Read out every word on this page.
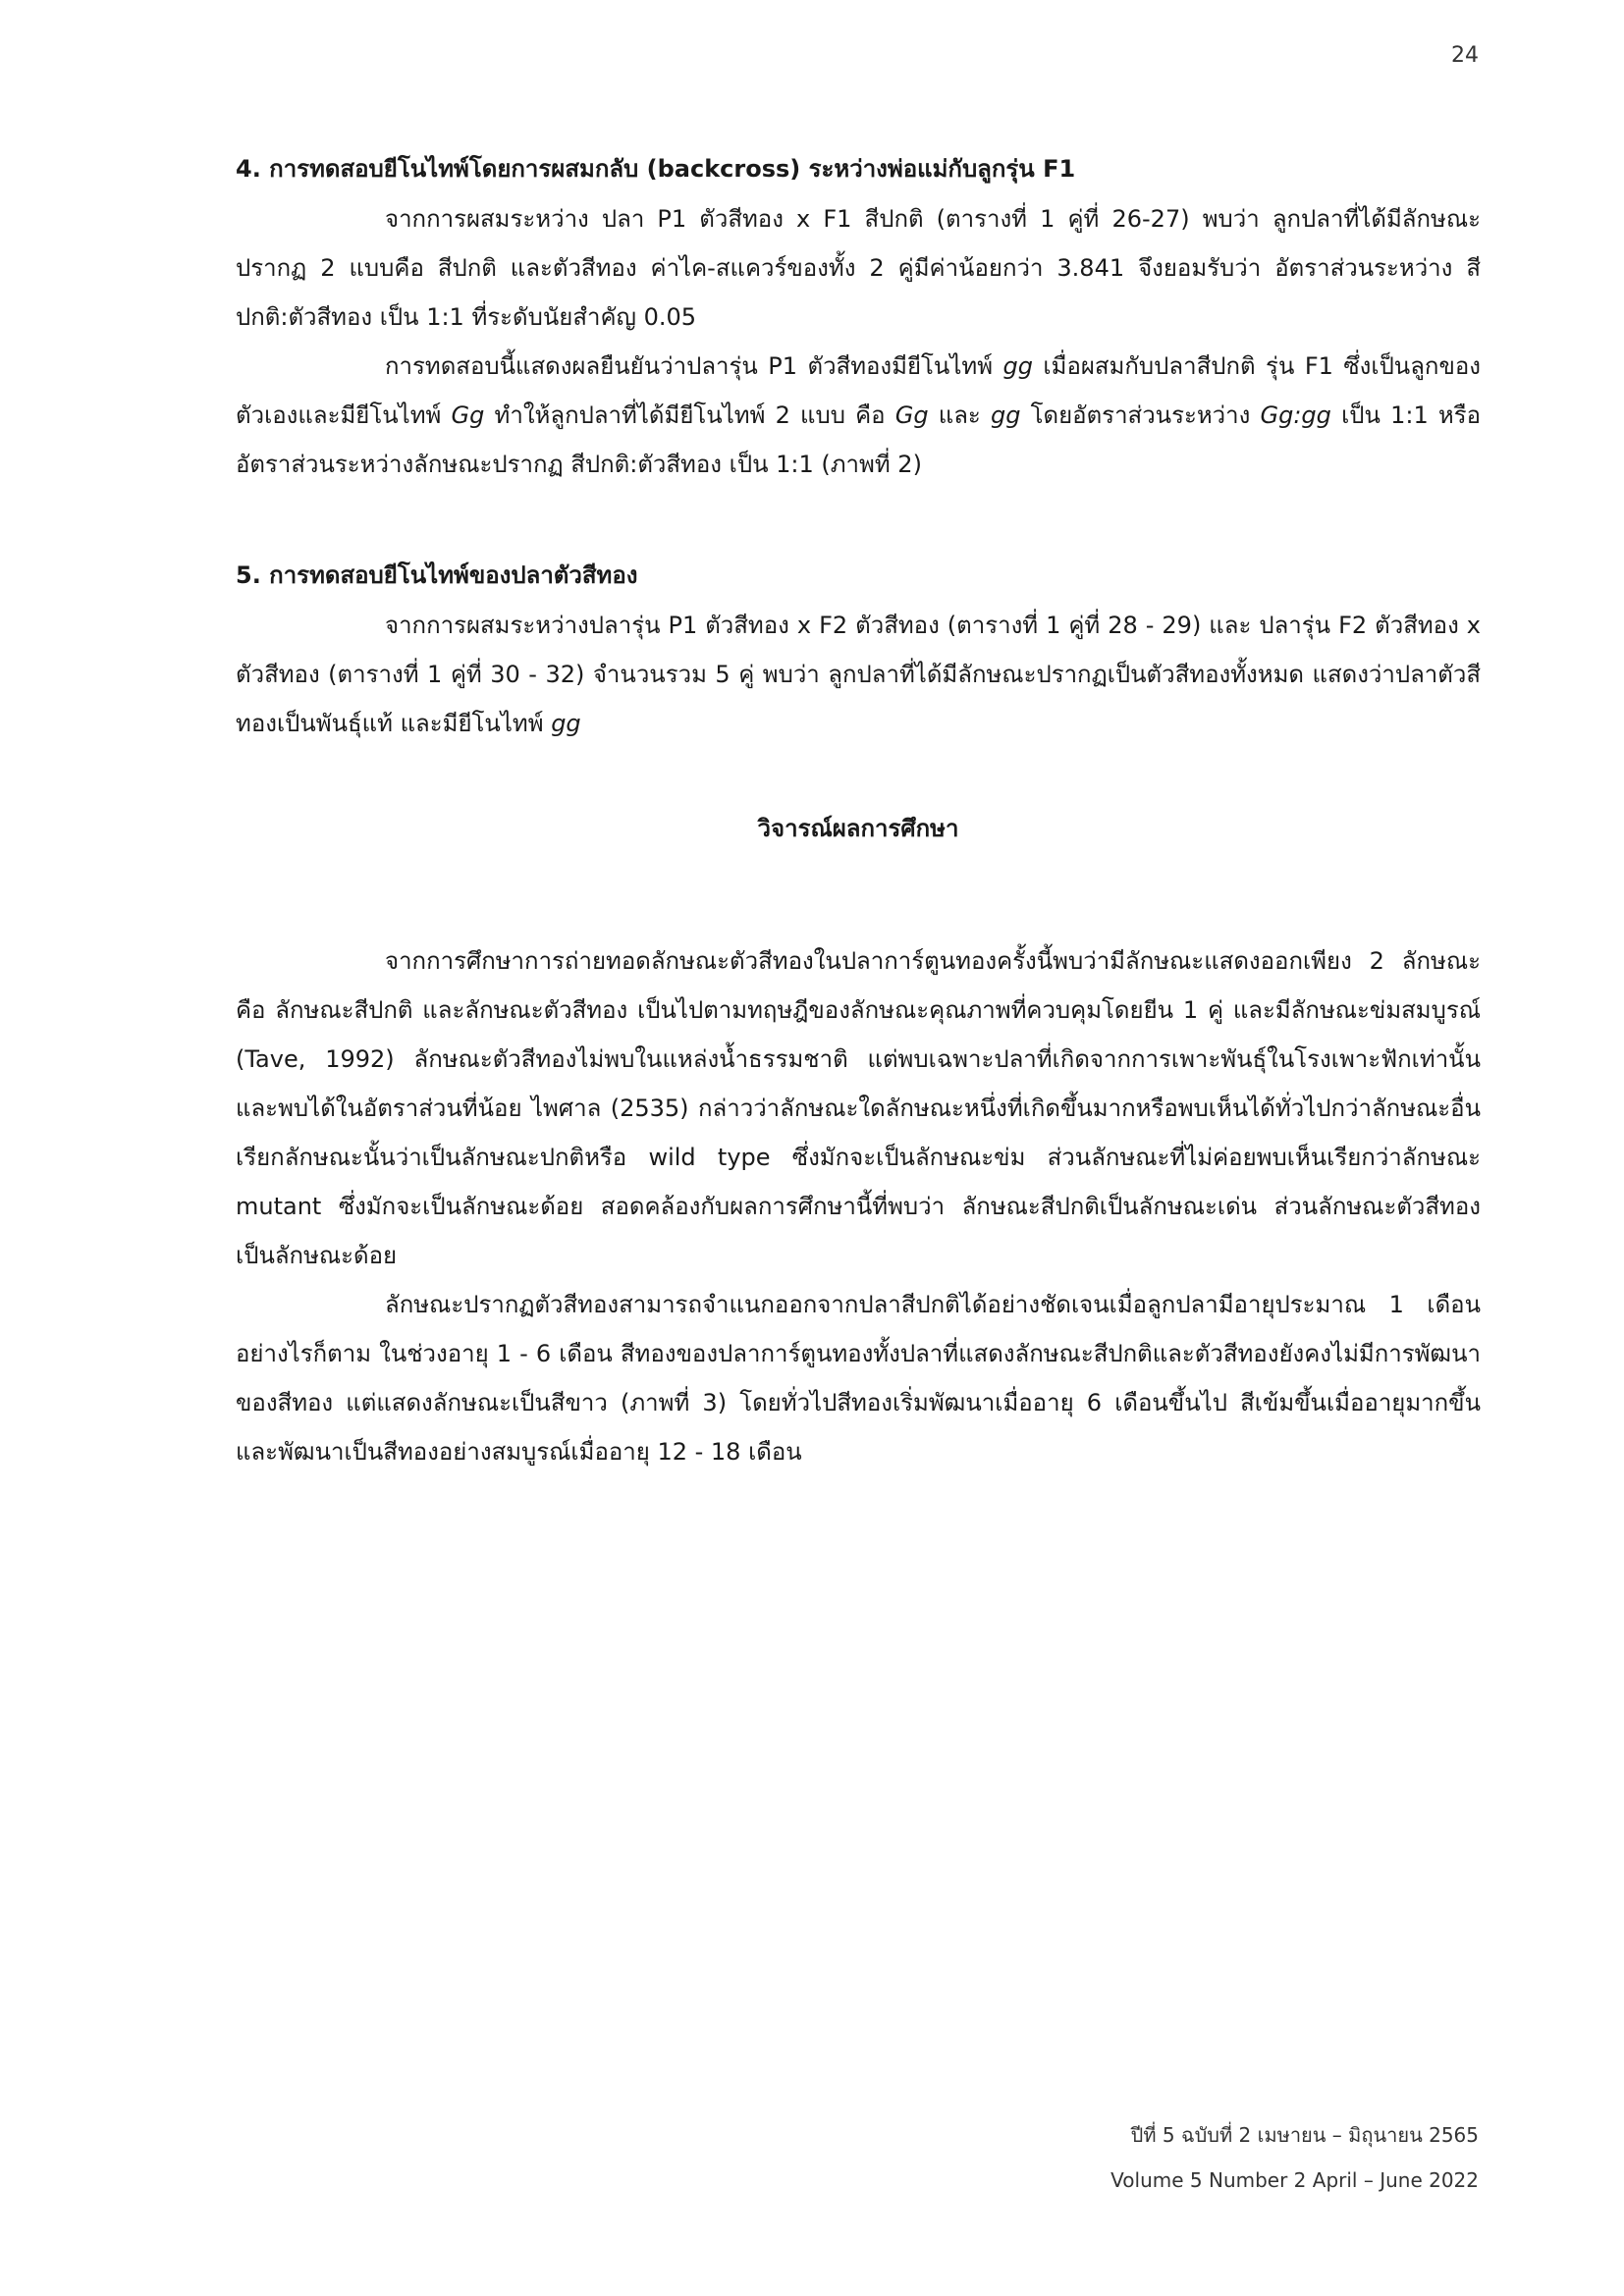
24
4. การทดสอบยีโนไทพ์โดยการผสมกลับ (backcross) ระหว่างพ่อแม่กับลูกรุ่น F1

จากการผสมระหว่าง ปลา P1 ตัวสีทอง x F1 สีปกติ (ตารางที่ 1 คู่ที่ 26-27) พบว่า ลูกปลาที่ได้มีลักษณะปรากฏ 2 แบบคือ สีปกติ และตัวสีทอง ค่าไค-สแควร์ของทั้ง 2 คู่มีค่าน้อยกว่า 3.841 จึงยอมรับว่า อัตราส่วนระหว่าง สีปกติ:ตัวสีทอง เป็น 1:1 ที่ระดับนัยสำคัญ 0.05

การทดสอบนี้แสดงผลยืนยันว่าปลารุ่น P1 ตัวสีทองมียีโนไทพ์ gg เมื่อผสมกับปลาสีปกติ รุ่น F1 ซึ่งเป็นลูกของตัวเองและมียีโนไทพ์ Gg ทำให้ลูกปลาที่ได้มียีโนไทพ์ 2 แบบ คือ Gg และ gg โดยอัตราส่วนระหว่าง Gg:gg เป็น 1:1 หรือ อัตราส่วนระหว่างลักษณะปรากฏ สีปกติ:ตัวสีทอง เป็น 1:1 (ภาพที่ 2)

5. การทดสอบยีโนไทพ์ของปลาตัวสีทอง

จากการผสมระหว่างปลารุ่น P1 ตัวสีทอง x F2 ตัวสีทอง (ตารางที่ 1 คู่ที่ 28 - 29) และ ปลารุ่น F2 ตัวสีทอง x ตัวสีทอง (ตารางที่ 1 คู่ที่ 30 - 32) จำนวนรวม 5 คู่ พบว่า ลูกปลาที่ได้มีลักษณะปรากฏเป็นตัวสีทองทั้งหมด แสดงว่าปลาตัวสีทองเป็นพันธุ์แท้ และมียีโนไทพ์ gg

วิจารณ์ผลการศึกษา

จากการศึกษาการถ่ายทอดลักษณะตัวสีทองในปลาการ์ตูนทองครั้งนี้พบว่ามีลักษณะแสดงออกเพียง 2 ลักษณะคือ ลักษณะสีปกติ และลักษณะตัวสีทอง เป็นไปตามทฤษฎีของลักษณะคุณภาพที่ควบคุมโดยยีน 1 คู่ และมีลักษณะข่มสมบูรณ์ (Tave, 1992) ลักษณะตัวสีทองไม่พบในแหล่งน้ำธรรมชาติ แต่พบเฉพาะปลาที่เกิดจากการเพาะพันธุ์ในโรงเพาะฟักเท่านั้น และพบได้ในอัตราส่วนที่น้อย ไพศาล (2535) กล่าวว่าลักษณะใดลักษณะหนึ่งที่เกิดขึ้นมากหรือพบเห็นได้ทั่วไปกว่าลักษณะอื่น เรียกลักษณะนั้นว่าเป็นลักษณะปกติหรือ wild type ซึ่งมักจะเป็นลักษณะข่ม ส่วนลักษณะที่ไม่ค่อยพบเห็นเรียกว่าลักษณะ mutant ซึ่งมักจะเป็นลักษณะด้อย สอดคล้องกับผลการศึกษานี้ที่พบว่า ลักษณะสีปกติเป็นลักษณะเด่น ส่วนลักษณะตัวสีทองเป็นลักษณะด้อย

ลักษณะปรากฏตัวสีทองสามารถจำแนกออกจากปลาสีปกติได้อย่างชัดเจนเมื่อลูกปลามีอายุประมาณ 1 เดือน อย่างไรก็ตาม ในช่วงอายุ 1 - 6 เดือน สีทองของปลาการ์ตูนทองทั้งปลาที่แสดงลักษณะสีปกติและตัวสีทองยังคงไม่มีการพัฒนาของสีทอง แต่แสดงลักษณะเป็นสีขาว (ภาพที่ 3) โดยทั่วไปสีทองเริ่มพัฒนาเมื่ออายุ 6 เดือนขึ้นไป สีเข้มขึ้นเมื่ออายุมากขึ้น และพัฒนาเป็นสีทองอย่างสมบูรณ์เมื่ออายุ 12 - 18 เดือน

ปีที่ 5 ฉบับที่ 2 เมษายน – มิถุนายน 2565
Volume 5 Number 2 April – June 2022
